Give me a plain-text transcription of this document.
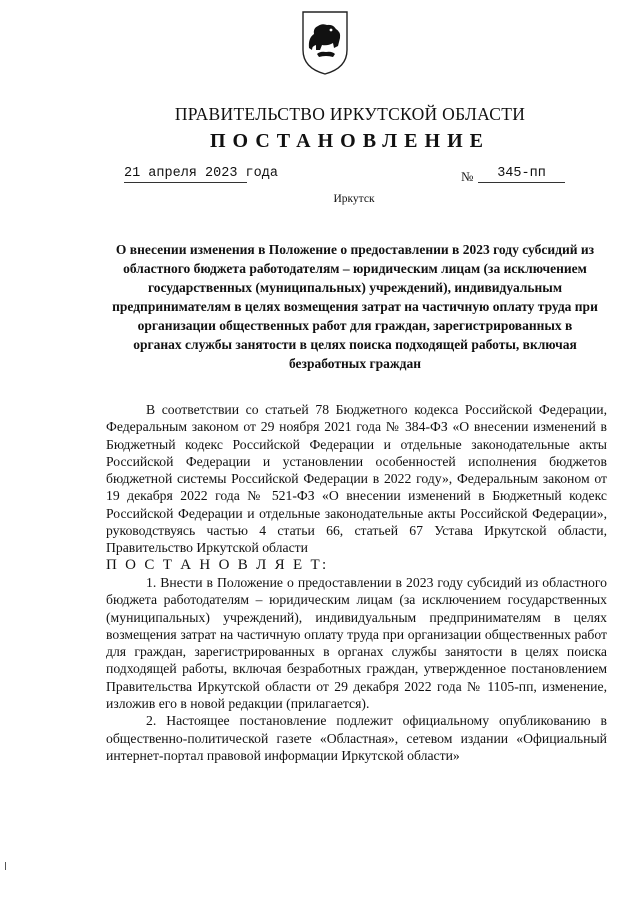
ПРАВИТЕЛЬСТВО ИРКУТСКОЙ ОБЛАСТИ
ПОСТАНОВЛЕНИЕ
21 апреля 2023 года	№	345-пп
Иркутск
О внесении изменения в Положение о предоставлении в 2023 году субсидий из областного бюджета работодателям – юридическим лицам (за исключением государственных (муниципальных) учреждений), индивидуальным предпринимателям в целях возмещения затрат на частичную оплату труда при организации общественных работ для граждан, зарегистрированных в органах службы занятости в целях поиска подходящей работы, включая безработных граждан

В соответствии со статьей 78 Бюджетного кодекса Российской Федерации, Федеральным законом от 29 ноября 2021 года № 384-ФЗ «О внесении изменений в Бюджетный кодекс Российской Федерации и отдельные законодательные акты Российской Федерации и установлении особенностей исполнения бюджетов бюджетной системы Российской Федерации в 2022 году», Федеральным законом от 19 декабря 2022 года № 521-ФЗ «О внесении изменений в Бюджетный кодекс Российской Федерации и отдельные законодательные акты Российской Федерации», руководствуясь частью 4 статьи 66, статьей 67 Устава Иркутской области, Правительство Иркутской области

П О С Т А Н О В Л Я Е Т:

1. Внести в Положение о предоставлении в 2023 году субсидий из областного бюджета работодателям – юридическим лицам (за исключением государственных (муниципальных) учреждений), индивидуальным предпринимателям в целях возмещения затрат на частичную оплату труда при организации общественных работ для граждан, зарегистрированных в органах службы занятости в целях поиска подходящей работы, включая безработных граждан, утвержденное постановлением Правительства Иркутской области от 29 декабря 2022 года № 1105-пп, изменение, изложив его в новой редакции (прилагается).

2. Настоящее постановление подлежит официальному опубликованию в общественно-политической газете «Областная», сетевом издании «Официальный интернет-портал правовой информации Иркутской области»
